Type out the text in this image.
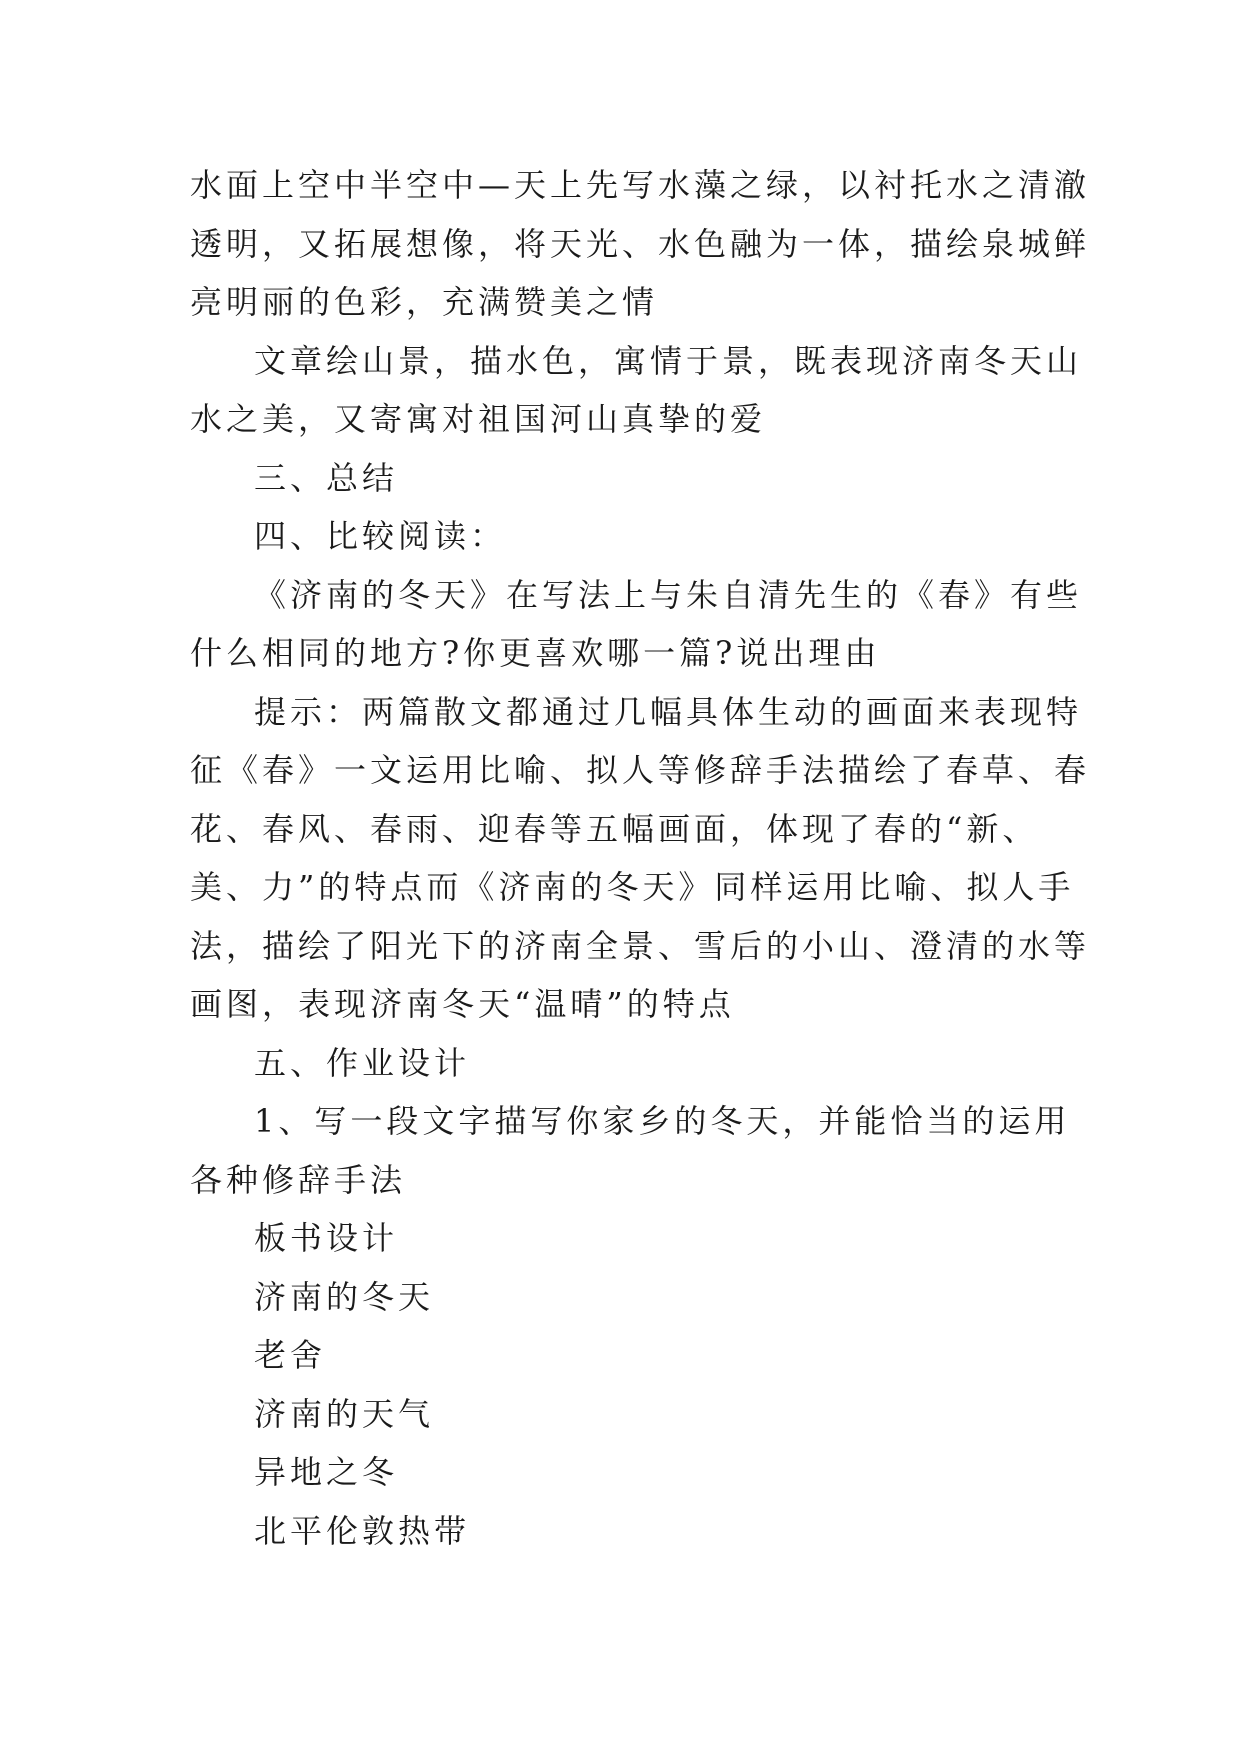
水面上空中半空中—天上先写水藻之绿，以衬托水之清澈透明，又拓展想像，将天光、水色融为一体，描绘泉城鲜亮明丽的色彩，充满赞美之情

文章绘山景，描水色，寓情于景，既表现济南冬天山水之美，又寄寓对祖国河山真挚的爱

三、总结

四、比较阅读：

《济南的冬天》在写法上与朱自清先生的《春》有些什么相同的地方?你更喜欢哪一篇?说出理由

提示：两篇散文都通过几幅具体生动的画面来表现特征《春》一文运用比喻、拟人等修辞手法描绘了春草、春花、春风、春雨、迎春等五幅画面，体现了春的“新、美、力”的特点而《济南的冬天》同样运用比喻、拟人手法，描绘了阳光下的济南全景、雪后的小山、澄清的水等画图，表现济南冬天“温晴”的特点

五、作业设计

1、写一段文字描写你家乡的冬天，并能恰当的运用各种修辞手法

板书设计

济南的冬天

老舍

济南的天气

异地之冬

北平伦敦热带
